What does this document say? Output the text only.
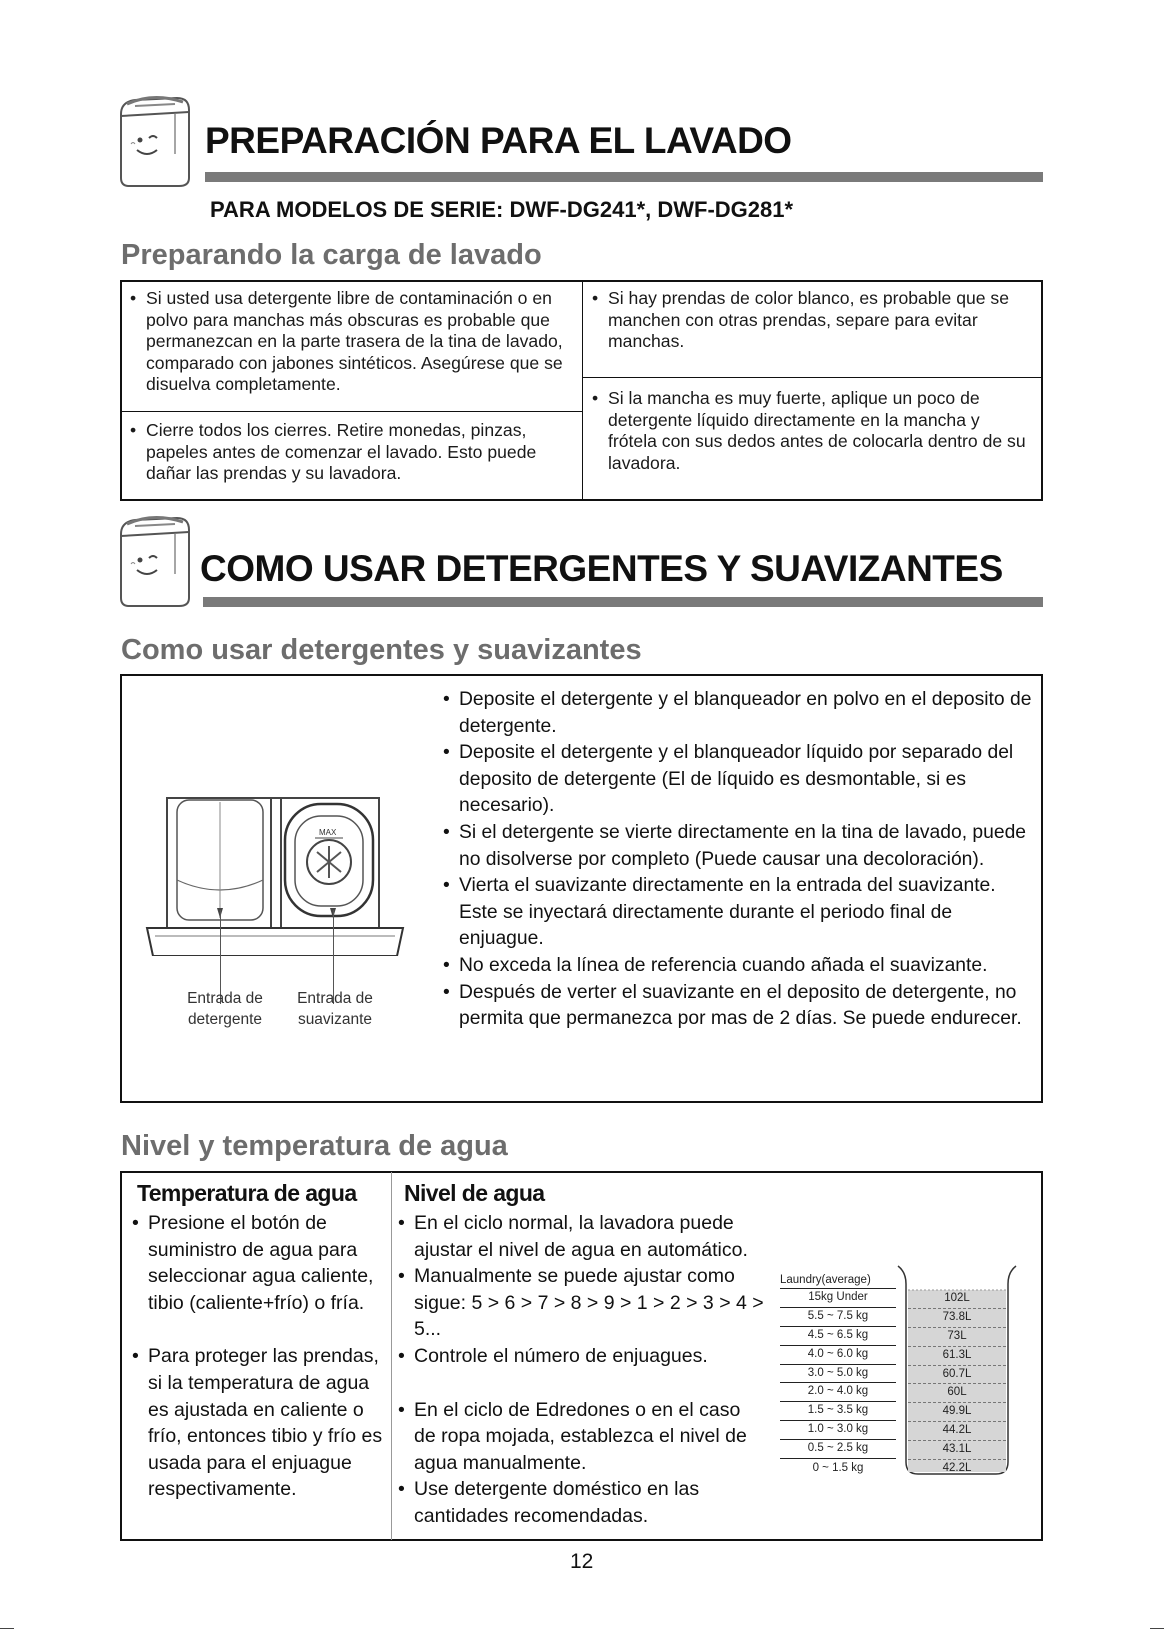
PREPARACIÓN PARA EL LAVADO
PARA MODELOS DE SERIE: DWF-DG241*, DWF-DG281*
Preparando la carga de lavado
• Si usted usa detergente libre de contaminación o en polvo para manchas más obscuras es probable que permanezcan en la parte trasera de la tina de lavado, comparado con jabones sintéticos. Asegúrese que se disuelva completamente.
• Cierre todos los cierres. Retire monedas, pinzas, papeles antes de comenzar el lavado. Esto puede dañar las prendas y su lavadora.
• Si hay prendas de color blanco, es probable que se manchen con otras prendas, separe para evitar manchas.
• Si la mancha es muy fuerte, aplique un poco de detergente líquido directamente en la mancha y frótela con sus dedos antes de colocarla dentro de su lavadora.
COMO USAR DETERGENTES Y SUAVIZANTES
Como usar detergentes y suavizantes
MAX
Entrada de detergente
Entrada de suavizante
• Deposite el detergente y el blanqueador en polvo en el deposito de detergente.
• Deposite el detergente y el blanqueador líquido por separado del deposito de detergente (El de líquido es desmontable, si es necesario).
• Si el detergente se vierte directamente en la tina de lavado, puede no disolverse por completo (Puede causar una decoloración).
• Vierta el suavizante directamente en la entrada del suavizante. Este se inyectará directamente durante el periodo final de enjuague.
• No exceda la línea de referencia cuando añada el suavizante.
• Después de verter el suavizante en el deposito de detergente, no permita que permanezca por mas de 2 días. Se puede endurecer.
Nivel y temperatura de agua
Temperatura de agua
• Presione el botón de suministro de agua para seleccionar agua caliente, tibio (caliente+frío) o fría.
• Para proteger las prendas, si la temperatura de agua es ajustada en caliente o frío, entonces tibio y frío es usada para el enjuague respectivamente.
Nivel de agua
• En el ciclo normal, la lavadora puede ajustar el nivel de agua en automático.
• Manualmente se puede ajustar como sigue: 5 > 6 > 7 > 8 > 9 > 1 > 2 > 3 > 4 > 5...
• Controle el número de enjuagues.
• En el ciclo de Edredones o en el caso de ropa mojada, establezca el nivel de agua manualmente.
• Use detergente doméstico en las cantidades recomendadas.
Laundry(average)
15kg Under
5.5 ~ 7.5 kg
4.5 ~ 6.5 kg
4.0 ~ 6.0 kg
3.0 ~ 5.0 kg
2.0 ~ 4.0 kg
1.5 ~ 3.5 kg
1.0 ~ 3.0 kg
0.5 ~ 2.5 kg
0 ~ 1.5 kg
102L
73.8L
73L
61.3L
60.7L
60L
49.9L
44.2L
43.1L
42.2L
12
